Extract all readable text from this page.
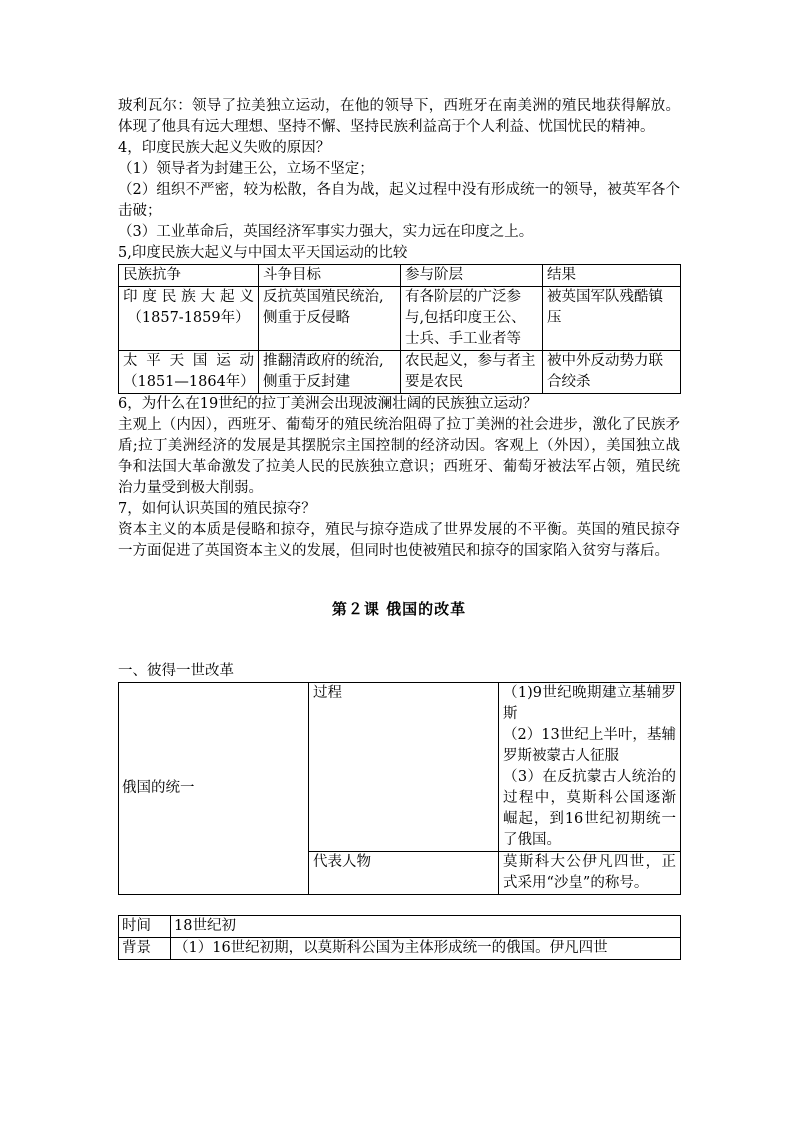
玻利瓦尔：领导了拉美独立运动，在他的领导下，西班牙在南美洲的殖民地获得解放。体现了他具有远大理想、坚持不懈、坚持民族利益高于个人利益、忧国忧民的精神。

4，印度民族大起义失败的原因？

（1）领导者为封建王公，立场不坚定；

（2）组织不严密，较为松散，各自为战，起义过程中没有形成统一的领导，被英军各个击破；

（3）工业革命后，英国经济军事实力强大，实力远在印度之上。

5,印度民族大起义与中国太平天国运动的比较

民族抗争	斗争目标	参与阶层	结果

印度民族大起义
（1857-1859年）	反抗英国殖民统治,侧重于反侵略	有各阶层的广泛参与,包括印度王公、士兵、手工业者等	被英国军队残酷镇压

太平天国运动
（1851—1864年）	推翻清政府的统治,侧重于反封建	农民起义，参与者主要是农民	被中外反动势力联合绞杀

6，为什么在19世纪的拉丁美洲会出现波澜壮阔的民族独立运动？

主观上（内因），西班牙、葡萄牙的殖民统治阻碍了拉丁美洲的社会进步，激化了民族矛盾;拉丁美洲经济的发展是其摆脱宗主国控制的经济动因。客观上（外因），美国独立战争和法国大革命激发了拉美人民的民族独立意识；西班牙、葡萄牙被法军占领，殖民统治力量受到极大削弱。

7，如何认识英国的殖民掠夺？

资本主义的本质是侵略和掠夺，殖民与掠夺造成了世界发展的不平衡。英国的殖民掠夺一方面促进了英国资本主义的发展，但同时也使被殖民和掠夺的国家陷入贫穷与落后。

第２课 俄国的改革

一、彼得一世改革

俄国的统一	过程	（1)9世纪晚期建立基辅罗斯
（2）13世纪上半叶，基辅罗斯被蒙古人征服
（3）在反抗蒙古人统治的过程中，莫斯科公国逐渐崛起，到16世纪初期统一了俄国。

	代表人物	莫斯科大公伊凡四世，正式采用“沙皇”的称号。
时间	18世纪初
背景	（1）16世纪初期，以莫斯科公国为主体形成统一的俄国。伊凡四世
